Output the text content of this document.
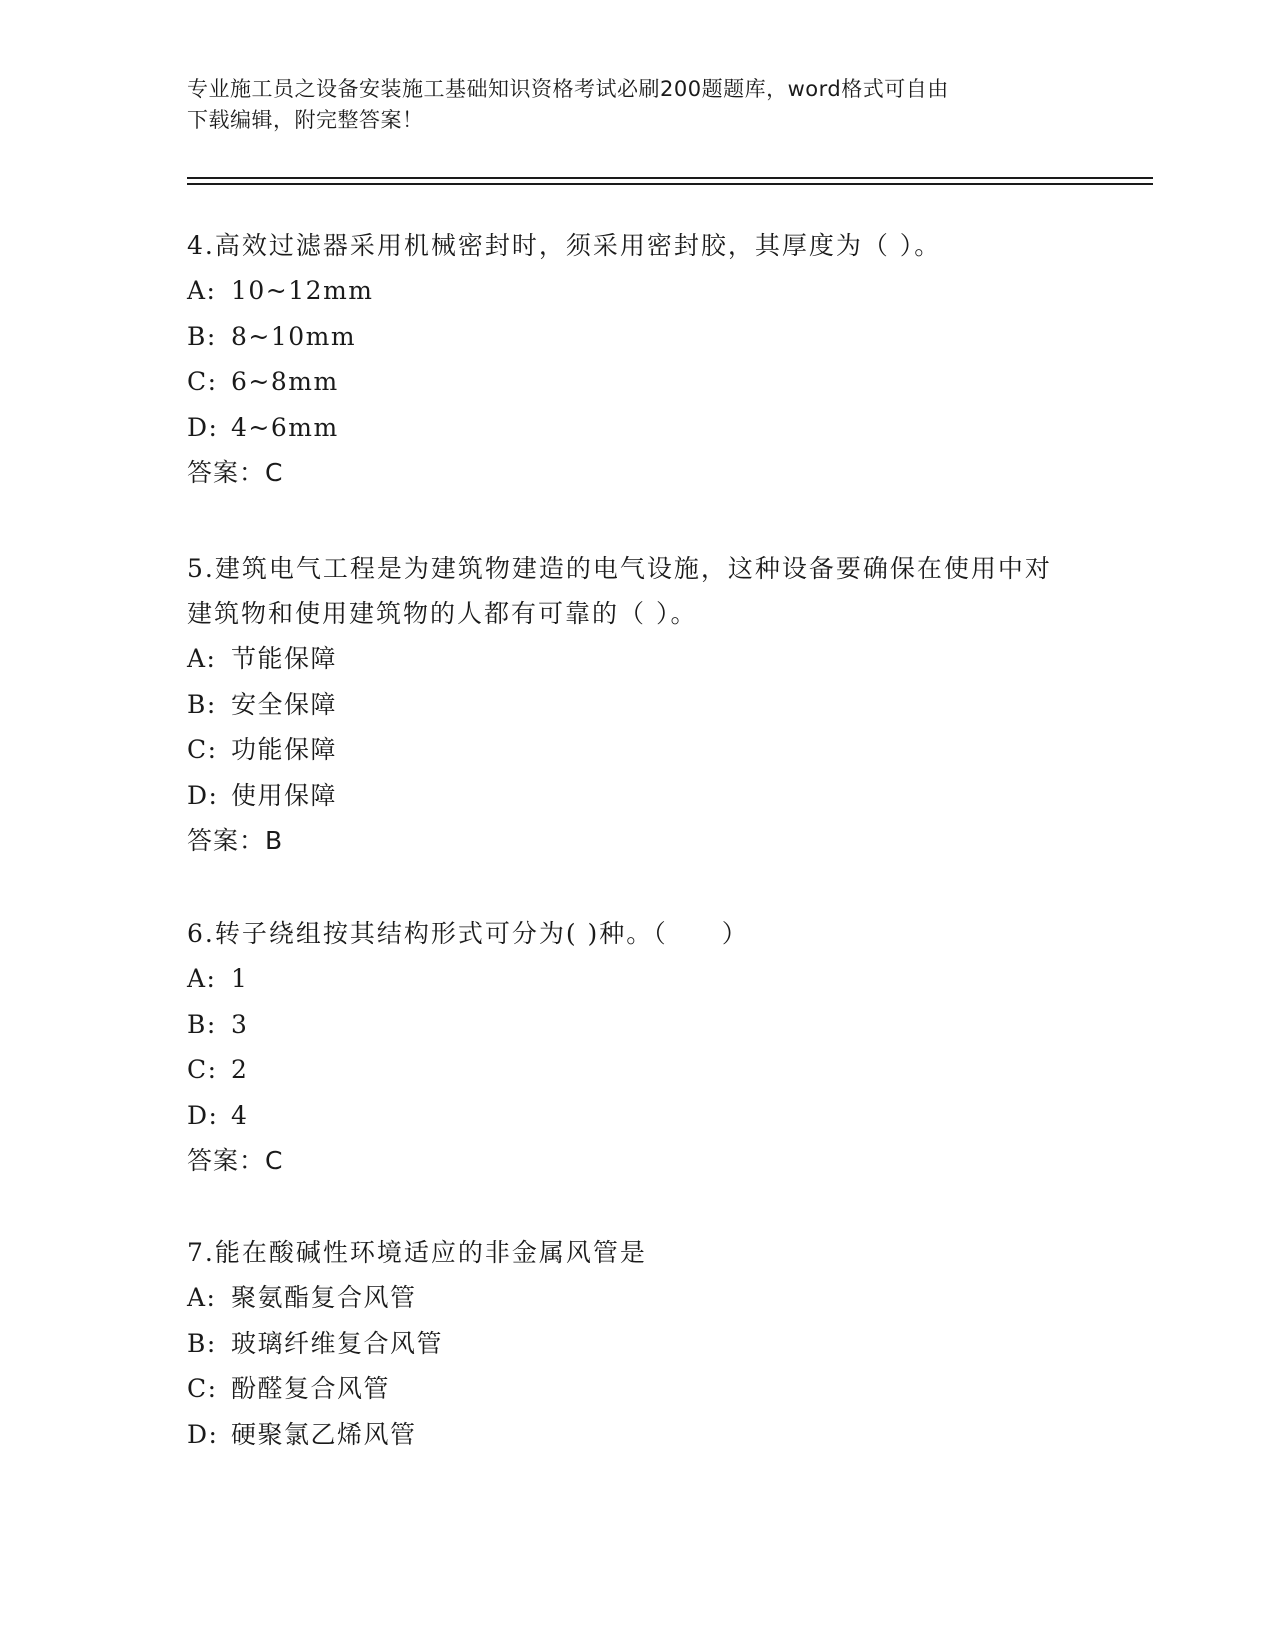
专业施工员之设备安装施工基础知识资格考试必刷200题题库，word格式可自由
下载编辑，附完整答案！

4.高效过滤器采用机械密封时，须采用密封胶，其厚度为（ ）。

A: 10~12mm

B: 8~10mm

C: 6~8mm

D: 4~6mm

答案：C

5.建筑电气工程是为建筑物建造的电气设施，这种设备要确保在使用中对建筑物和使用建筑物的人都有可靠的（ ）。

A: 节能保障

B: 安全保障

C: 功能保障

D: 使用保障

答案：B

6.转子绕组按其结构形式可分为( )种。（　　）

A: 1

B: 3

C: 2

D: 4

答案：C

7.能在酸碱性环境适应的非金属风管是

A: 聚氨酯复合风管

B: 玻璃纤维复合风管

C: 酚醛复合风管

D: 硬聚氯乙烯风管
